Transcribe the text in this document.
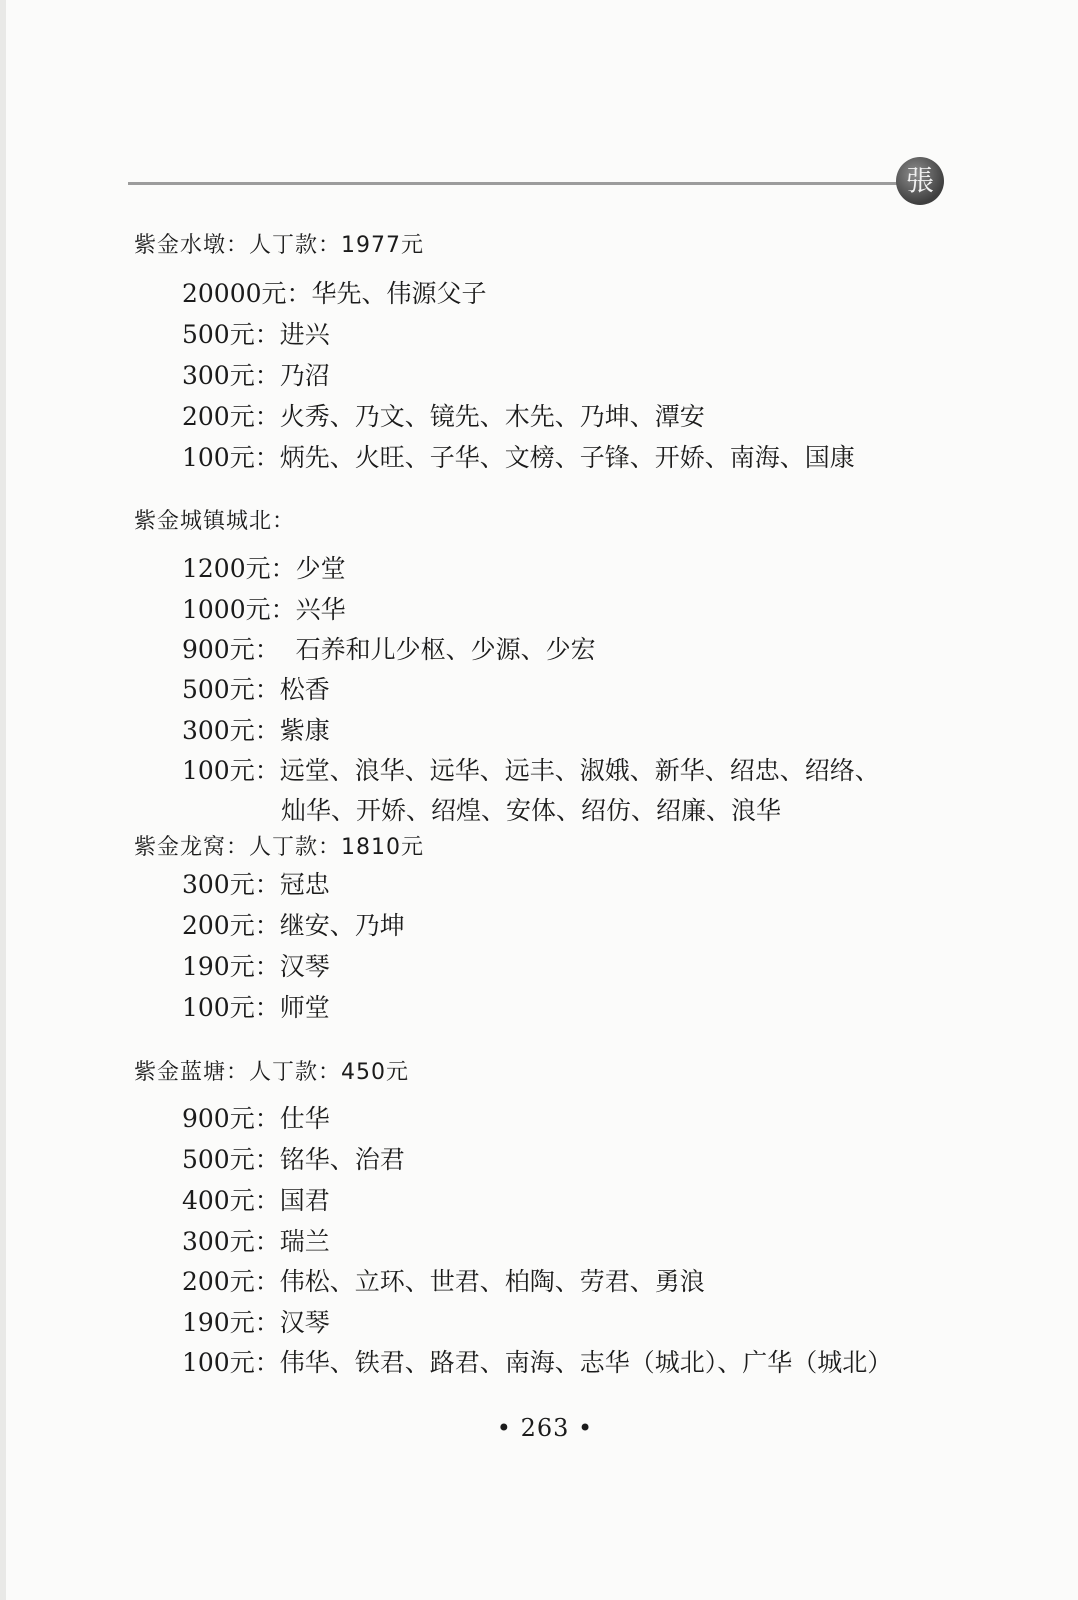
張
紫金水墩：人丁款：1977元
20000元：华先、伟源父子
500元：进兴
300元：乃沼
200元：火秀、乃文、镜先、木先、乃坤、潭安
100元：炳先、火旺、子华、文榜、子锋、开娇、南海、国康
紫金城镇城北：
1200元：少堂
1000元：兴华
900元：  石养和儿少枢、少源、少宏
500元：松香
300元：紫康
100元：远堂、浪华、远华、远丰、淑娥、新华、绍忠、绍络、
灿华、开娇、绍煌、安体、绍仿、绍廉、浪华
紫金龙窝：人丁款：1810元
300元：冠忠
200元：继安、乃坤
190元：汉琴
100元：师堂
紫金蓝塘：人丁款：450元
900元：仕华
500元：铭华、治君
400元：国君
300元：瑞兰
200元：伟松、立环、世君、柏陶、劳君、勇浪
190元：汉琴
100元：伟华、铁君、路君、南海、志华（城北）、广华（城北）
• 263 •
